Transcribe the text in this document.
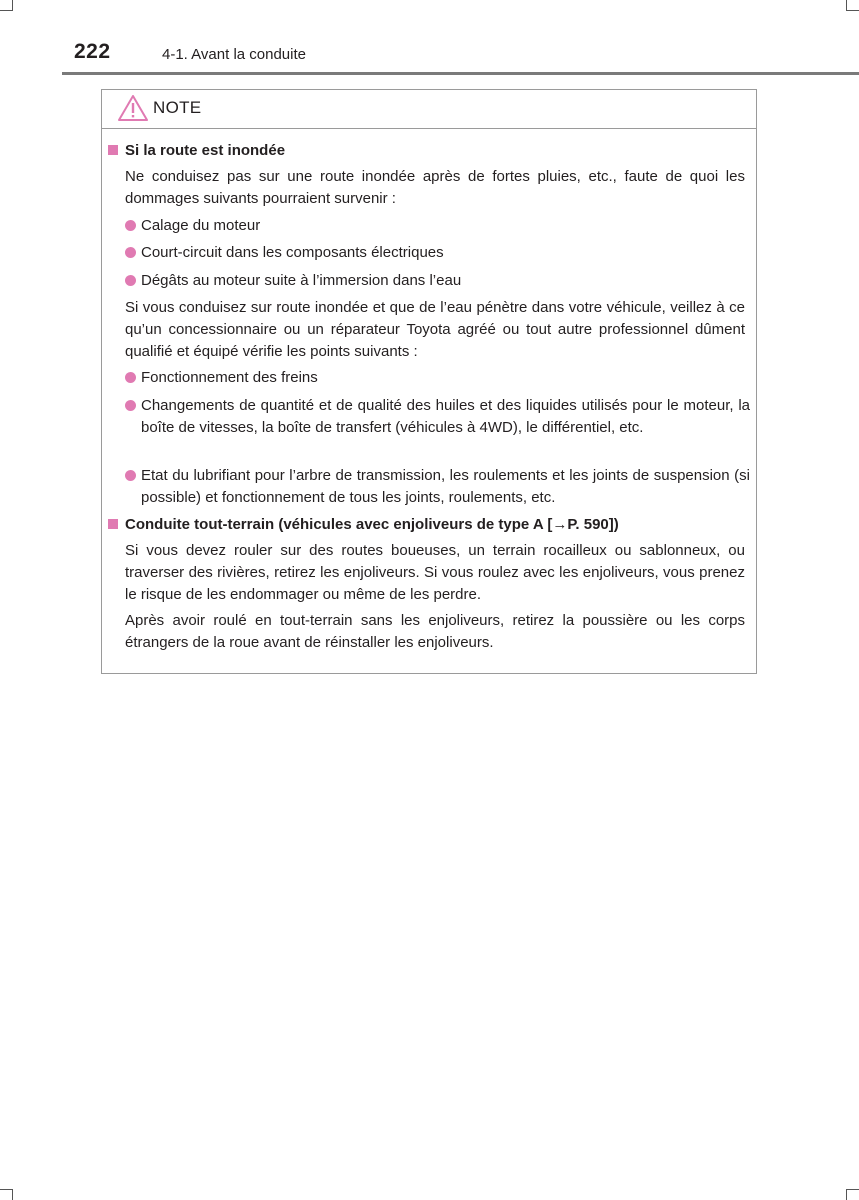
222	4-1. Avant la conduite
NOTE
Si la route est inondée
Ne conduisez pas sur une route inondée après de fortes pluies, etc., faute de quoi les dommages suivants pourraient survenir :
Calage du moteur
Court-circuit dans les composants électriques
Dégâts au moteur suite à l’immersion dans l’eau
Si vous conduisez sur route inondée et que de l’eau pénètre dans votre véhicule, veillez à ce qu’un concessionnaire ou un réparateur Toyota agréé ou tout autre professionnel dûment qualifié et équipé vérifie les points suivants :
Fonctionnement des freins
Changements de quantité et de qualité des huiles et des liquides utilisés pour le moteur, la boîte de vitesses, la boîte de transfert (véhicules à 4WD), le différentiel, etc.
Etat du lubrifiant pour l’arbre de transmission, les roulements et les joints de suspension (si possible) et fonctionnement de tous les joints, roulements, etc.
Conduite tout-terrain (véhicules avec enjoliveurs de type A [→P. 590])
Si vous devez rouler sur des routes boueuses, un terrain rocailleux ou sablonneux, ou traverser des rivières, retirez les enjoliveurs. Si vous roulez avec les enjoliveurs, vous prenez le risque de les endommager ou même de les perdre.
Après avoir roulé en tout-terrain sans les enjoliveurs, retirez la poussière ou les corps étrangers de la roue avant de réinstaller les enjoliveurs.
